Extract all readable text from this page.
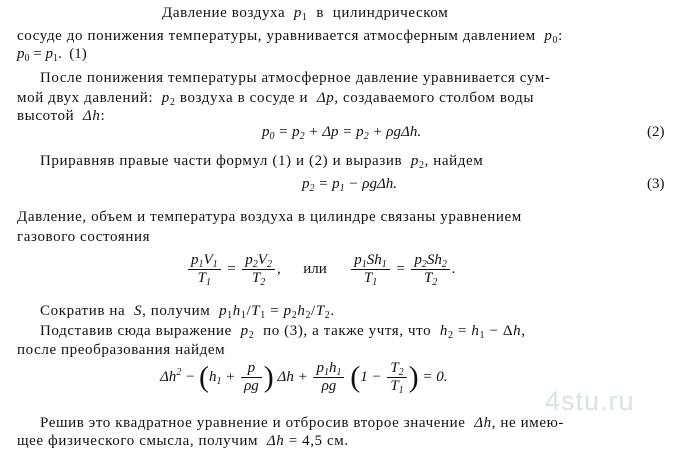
Давление воздуха  $p_1$  в  цилиндрическом
сосуде до понижения температуры, уравнивается атмосферным давлением  $p_0$:
$p_0 = p_1$.  (1)
После понижения температуры атмосферное давление уравнивается сум-
мой двух давлений:  $p_2$ воздуха в сосуде и  Δp, создаваемого столбом воды
высотой  Δh:
$p_0 = p_2 + \Delta p = p_2 + \rho g\Delta h$.	(2)
Приравняв правые части формул (1) и (2) и выразив  $p_2$, найдем
$p_2 = p_1 - \rho g\Delta h$.	(3)
Давление, объем и температура воздуха в цилиндре связаны уравнением
газового состояния
$\frac{p_1V_1}{T_1} = \frac{p_2V_2}{T_2}$ ,      или $\frac{p_1Sh_1}{T_1} = \frac{p_2Sh_2}{T_2}$ .
Сократив на  S, получим  $p_1h_1/T_1 = p_2h_2/T_2$.
Подставив сюда выражение  $p_2$ по (3), а также учтя, что  $h_2 = h_1 - \Delta h$,
после преобразования найдем
$\Delta h^2 - (h_1 + \frac{p}{\rho g}$ ) $\Delta h + \frac{p_1h_1}{\rho g} (1 - \frac{T_2}{T_1}$ ) = 0.
4stu.ru
Решив это квадратное уравнение и отбросив второе значение  Δh, не имею-
щее физического смысла, получим  Δh = 4,5 см.
